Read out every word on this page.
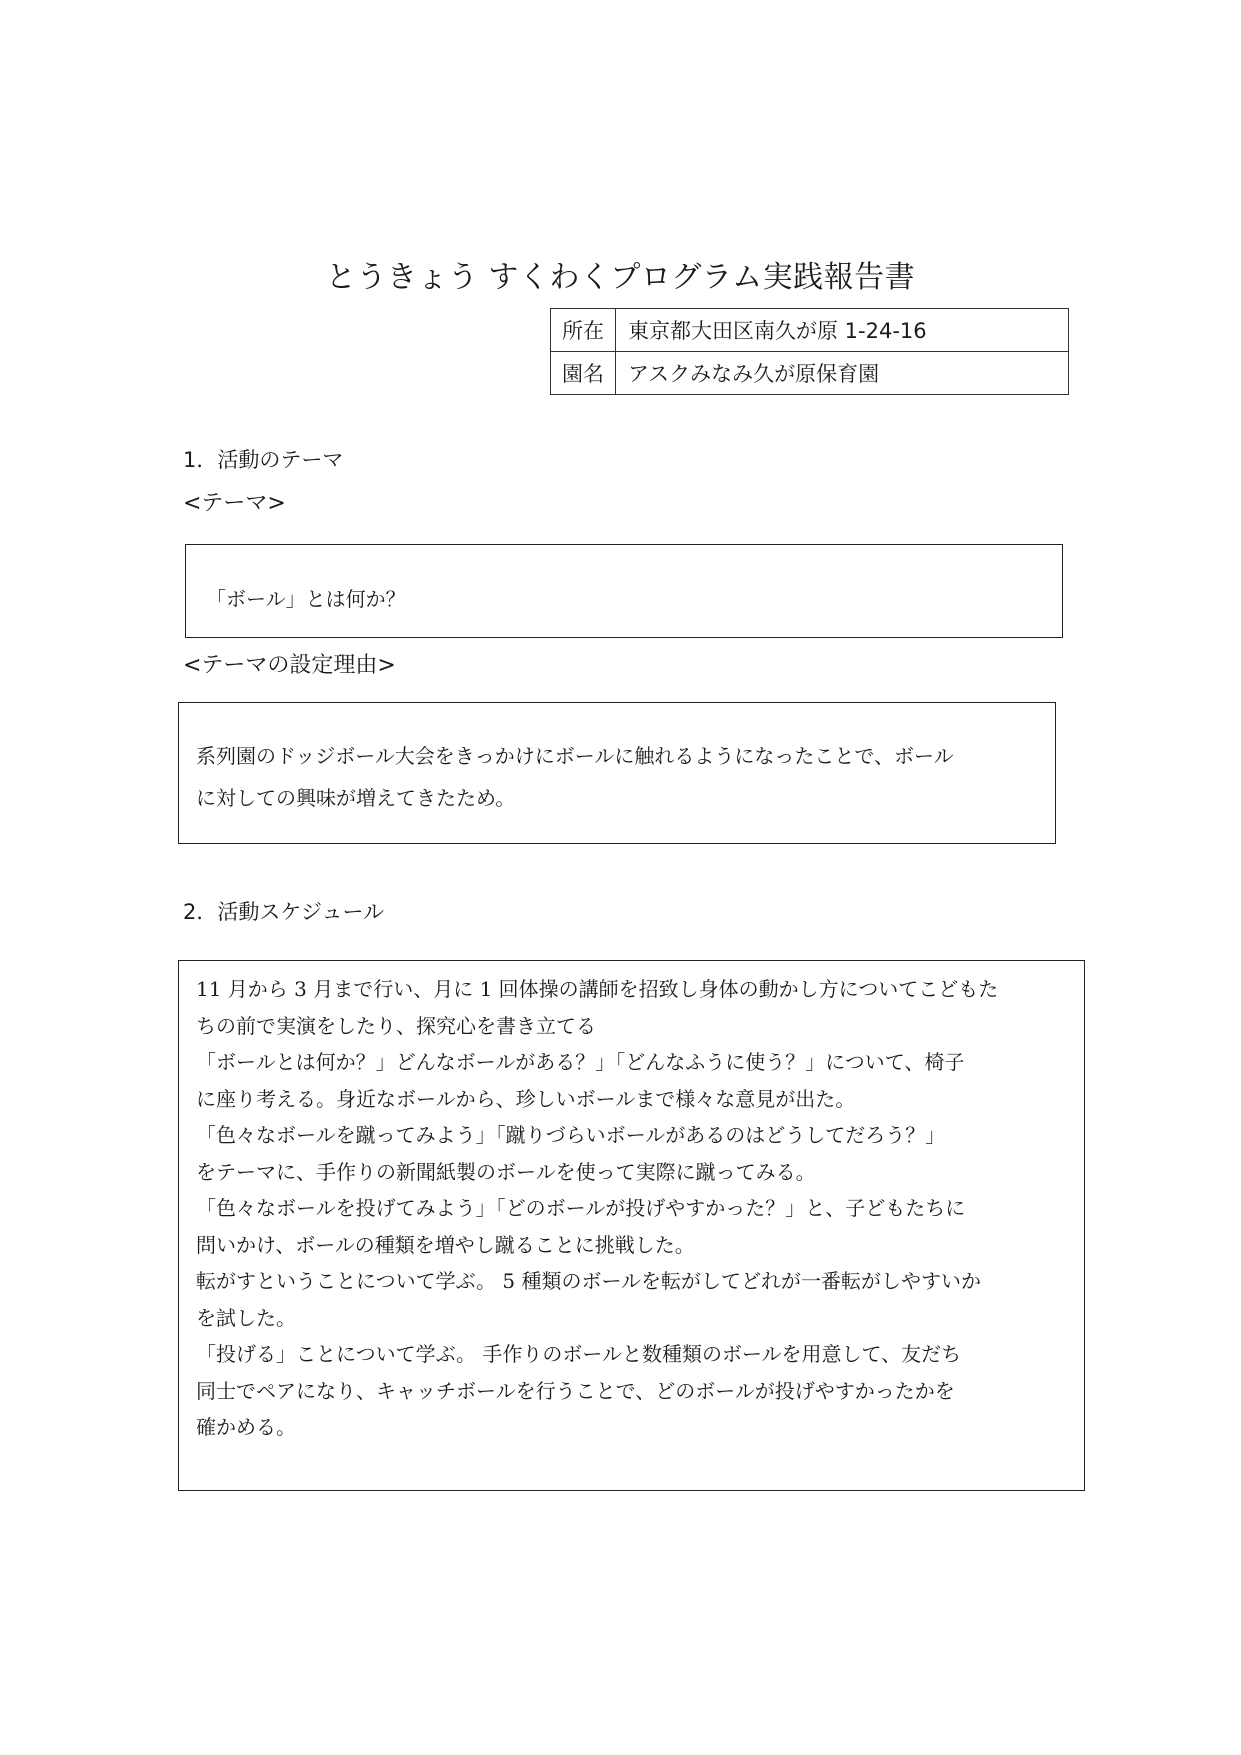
とうきょう すくわくプログラム実践報告書
所在	東京都大田区南久が原 1-24-16
園名	アスクみなみ久が原保育園
1．活動のテーマ
<テーマ>
「ボール」とは何か？
<テーマの設定理由>
系列園のドッジボール大会をきっかけにボールに触れるようになったことで、ボール
に対しての興味が増えてきたため。
2．活動スケジュール
11 月から 3 月まで行い、月に 1 回体操の講師を招致し身体の動かし方についてこどもた
ちの前で実演をしたり、探究心を書き立てる
「ボールとは何か？」どんなボールがある？」「どんなふうに使う？」について、椅子
に座り考える。身近なボールから、珍しいボールまで様々な意見が出た。
「色々なボールを蹴ってみよう」「蹴りづらいボールがあるのはどうしてだろう？」
をテーマに、手作りの新聞紙製のボールを使って実際に蹴ってみる。
「色々なボールを投げてみよう」「どのボールが投げやすかった？」と、子どもたちに
問いかけ、ボールの種類を増やし蹴ることに挑戦した。
転がすということについて学ぶ。 5 種類のボールを転がしてどれが一番転がしやすいか
を試した。
「投げる」ことについて学ぶ。 手作りのボールと数種類のボールを用意して、友だち
同士でペアになり、キャッチボールを行うことで、どのボールが投げやすかったかを
確かめる。
